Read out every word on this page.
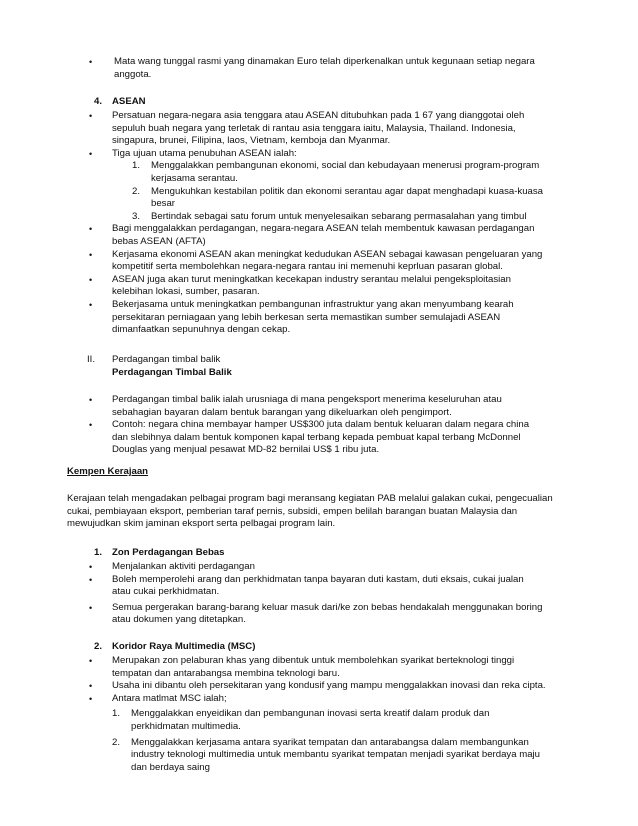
•	Mata wang tunggal rasmi yang dinamakan Euro telah diperkenalkan untuk kegunaan setiap negara anggota.

4. ASEAN
•	Persatuan negara-negara asia tenggara atau ASEAN ditubuhkan pada 1 67 yang dianggotai oleh sepuluh buah negara yang terletak di rantau asia tenggara iaitu, Malaysia, Thailand. Indonesia, singapura, brunei, Filipina, laos, Vietnam, kemboja dan Myanmar.

•	Tiga ujuan utama penubuhan ASEAN ialah:

1.	Menggalakkan pembangunan ekonomi, social dan kebudayaan menerusi program-program kerjasama serantau.

2.	Mengukuhkan kestabilan politik dan ekonomi serantau agar dapat menghadapi kuasa-kuasa besar

3.	Bertindak sebagai satu forum untuk menyelesaikan sebarang permasalahan yang timbul

•	Bagi menggalakkan perdagangan, negara-negara ASEAN telah membentuk kawasan perdagangan bebas ASEAN (AFTA)

•	Kerjasama ekonomi ASEAN akan meningkat kedudukan ASEAN sebagai kawasan pengeluaran yang kompetitif serta membolehkan negara-negara rantau ini memenuhi keprluan pasaran global.

•	ASEAN juga akan turut meningkatkan kecekapan industry serantau melalui pengeksploitasian kelebihan lokasi, sumber, pasaran.

•	Bekerjasama untuk meningkatkan pembangunan infrastruktur yang akan menyumbang kearah persekitaran perniagaan yang lebih berkesan serta memastikan sumber semulajadi ASEAN dimanfaatkan sepunuhnya dengan cekap.

II. Perdagangan timbal balik
Perdagangan Timbal Balik
•	Perdagangan timbal balik ialah urusniaga di mana pengeksport menerima keseluruhan atau sebahagian bayaran dalam bentuk barangan yang dikeluarkan oleh pengimport.

•	Contoh: negara china membayar hamper US$300 juta dalam bentuk keluaran dalam negara china dan slebihnya dalam bentuk komponen kapal terbang kepada pembuat kapal terbang McDonnel Douglas yang menjual pesawat MD-82 bernilai US$ 1 ribu juta.

Kempen Kerajaan

Kerajaan telah mengadakan pelbagai program bagi meransang kegiatan PAB melalui galakan cukai, pengecualian cukai, pembiayaan eksport, pemberian taraf pernis, subsidi, empen belilah barangan buatan Malaysia dan mewujudkan skim jaminan eksport serta pelbagai program lain.

1. Zon Perdagangan Bebas
•	Menjalankan aktiviti perdagangan

•	Boleh memperolehi arang dan perkhidmatan tanpa bayaran duti kastam, duti eksais, cukai jualan atau cukai perkhidmatan.

•	Semua pergerakan barang-barang keluar masuk dari/ke zon bebas hendakalah menggunakan boring atau dokumen yang ditetapkan.

2. Koridor Raya Multimedia (MSC)
•	Merupakan zon pelaburan khas yang dibentuk untuk membolehkan syarikat berteknologi tinggi tempatan dan antarabangsa membina teknologi baru.

•	Usaha ini dibantu oleh persekitaran yang kondusif yang mampu menggalakkan inovasi dan reka cipta.

•	Antara matlmat MSC ialah;

1.	Menggalakkan enyeidikan dan pembangunan inovasi serta kreatif dalam produk dan perkhidmatan multimedia.

2.	Menggalakkan kerjasama antara syarikat tempatan dan antarabangsa dalam membangunkan industry teknologi multimedia untuk membantu syarikat tempatan menjadi syarikat berdaya maju dan berdaya saing
